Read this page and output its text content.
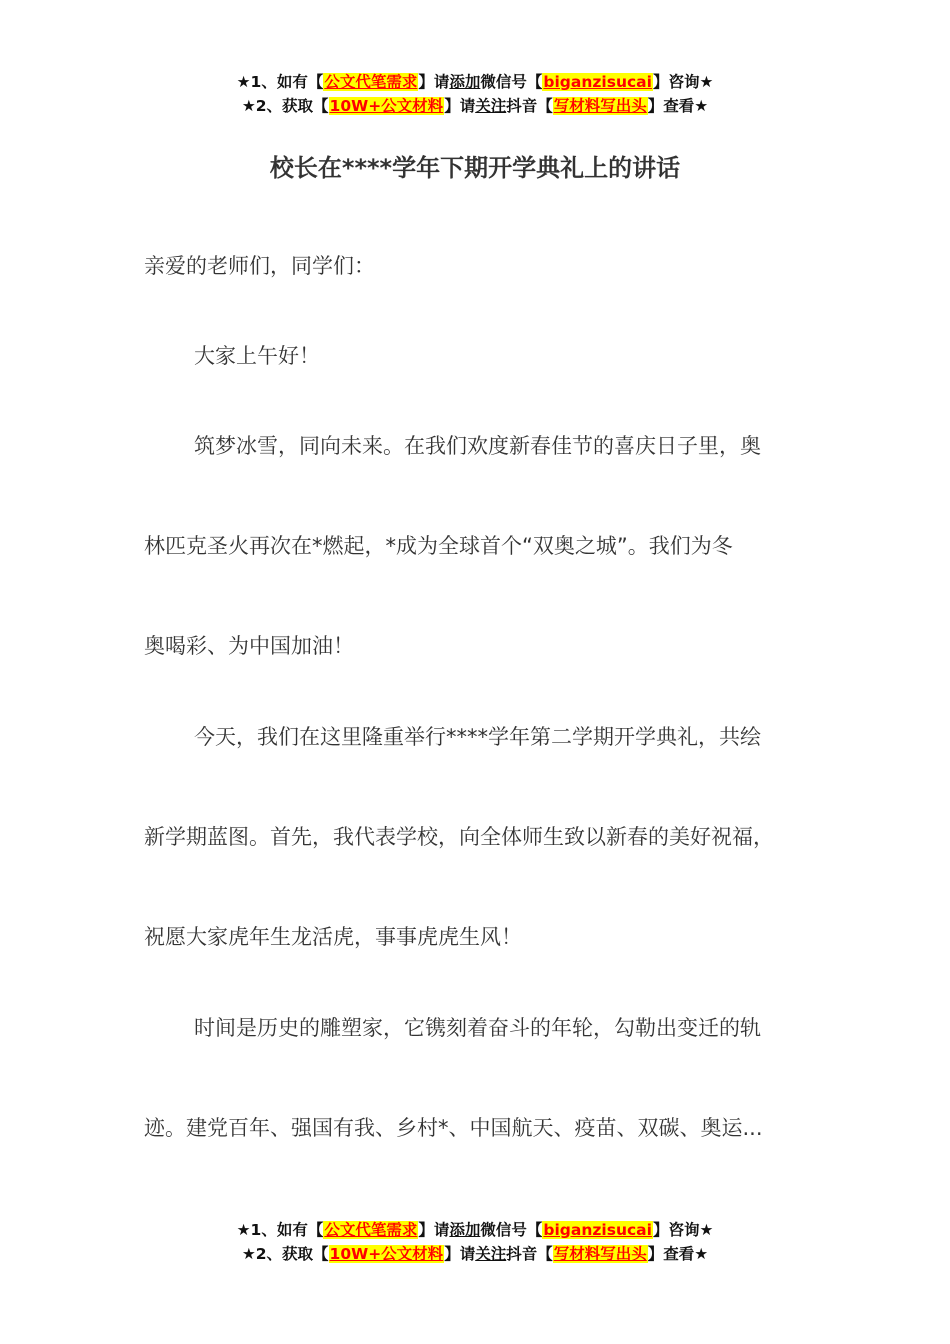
★1、如有【公文代笔需求】请添加微信号【biganzisucai】咨询★
★2、获取【10W+公文材料】请关注抖音【写材料写出头】查看★
校长在****学年下期开学典礼上的讲话
亲爱的老师们，同学们：
大家上午好！
筑梦冰雪，同向未来。在我们欢度新春佳节的喜庆日子里，奥
林匹克圣火再次在*燃起，*成为全球首个“双奥之城”。我们为冬
奥喝彩、为中国加油！
今天，我们在这里隆重举行****学年第二学期开学典礼，共绘
新学期蓝图。首先，我代表学校，向全体师生致以新春的美好祝福，
祝愿大家虎年生龙活虎，事事虎虎生风！
时间是历史的雕塑家，它镌刻着奋斗的年轮，勾勒出变迁的轨
迹。建党百年、强国有我、乡村*、中国航天、疫苗、双碳、奥运...
★1、如有【公文代笔需求】请添加微信号【biganzisucai】咨询★
★2、获取【10W+公文材料】请关注抖音【写材料写出头】查看★
